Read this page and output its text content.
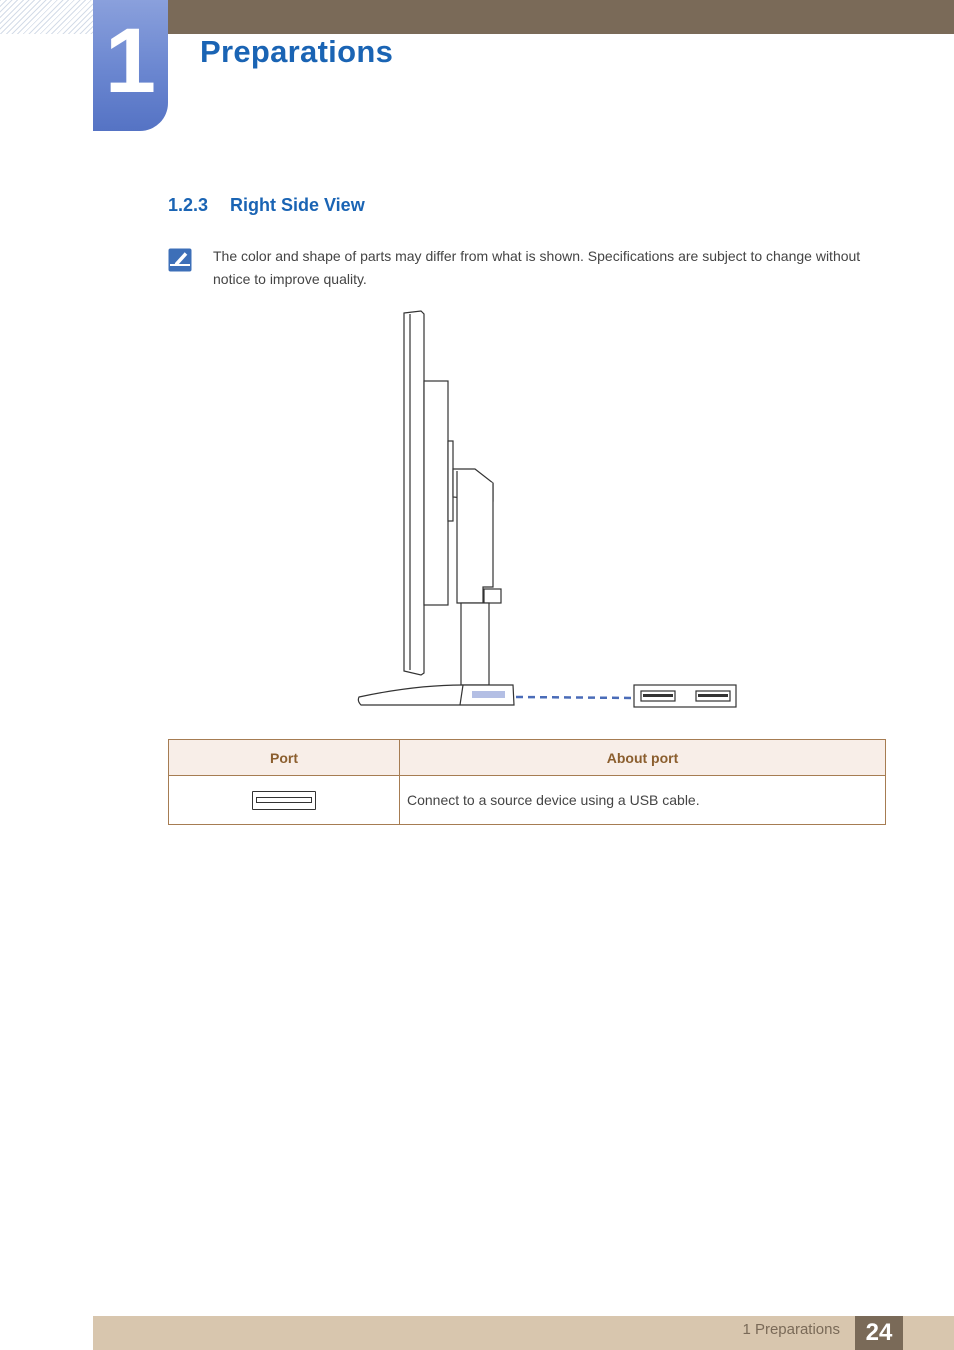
1	Preparations
1.2.3 Right Side View
The color and shape of parts may differ from what is shown. Specifications are subject to change without notice to improve quality.
Port	About port
	Connect to a source device using a USB cable.
1 Preparations	24
